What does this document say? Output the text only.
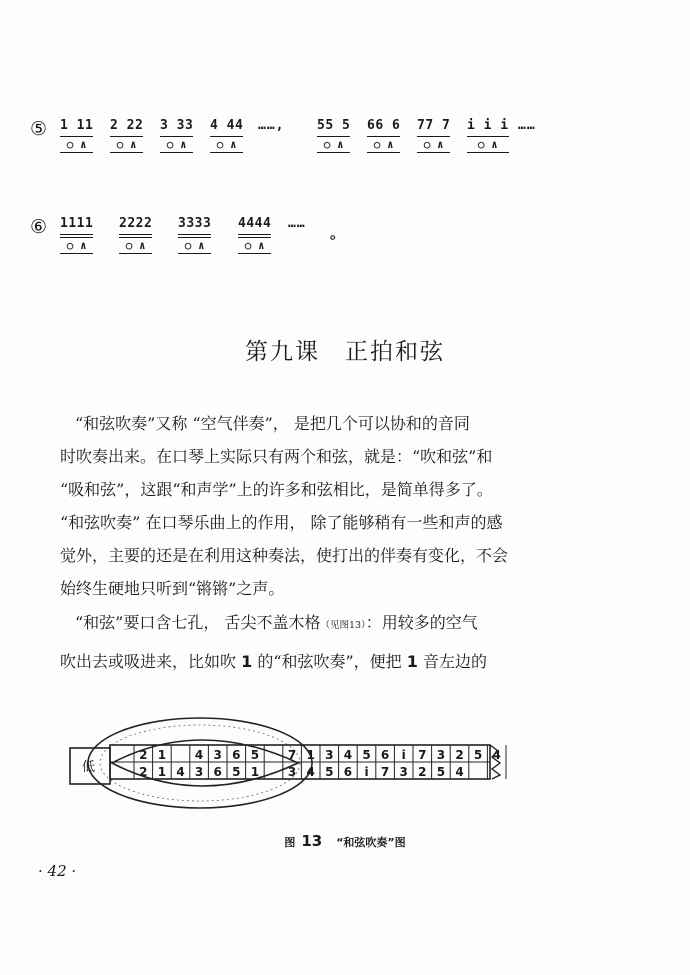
⑤ 1 11
○ ∧
2 22
○ ∧
3 33
○ ∧
4 44
○ ∧
……,	55 5
○ ∧
66 6
○ ∧
77 7
○ ∧
i i i
○ ∧
……
⑥ 1111
○ ∧
2222
○ ∧
3333
○ ∧
4444
○ ∧
……
。
第九课　正拍和弦

“和弦吹奏”又称 “空气伴奏”， 是把几个可以协和的音同

时吹奏出来。在口琴上实际只有两个和弦，就是：“吹和弦”和

“吸和弦”，这跟“和声学”上的许多和弦相比，是简单得多了。

“和弦吹奏” 在口琴乐曲上的作用， 除了能够稍有一些和声的感

觉外，主要的还是在利用这种奏法，使打出的伴奏有变化，不会

始终生硬地只听到“锵锵”之声。

“和弦”要口含七孔， 舌尖不盖木格（见图13）：用较多的空气

吹出去或吸进来，比如吹 1 的“和弦吹奏”，便把 1 音左边的

2 1 4 3 6 5 7 1 3 4 5 6 i 7 3 2 5 4
2 1 4 3 6 5 1 3 4 5 6 i 7 3 2 5 4
低
图 13 “和弦吹奏”图
· 42 ·
